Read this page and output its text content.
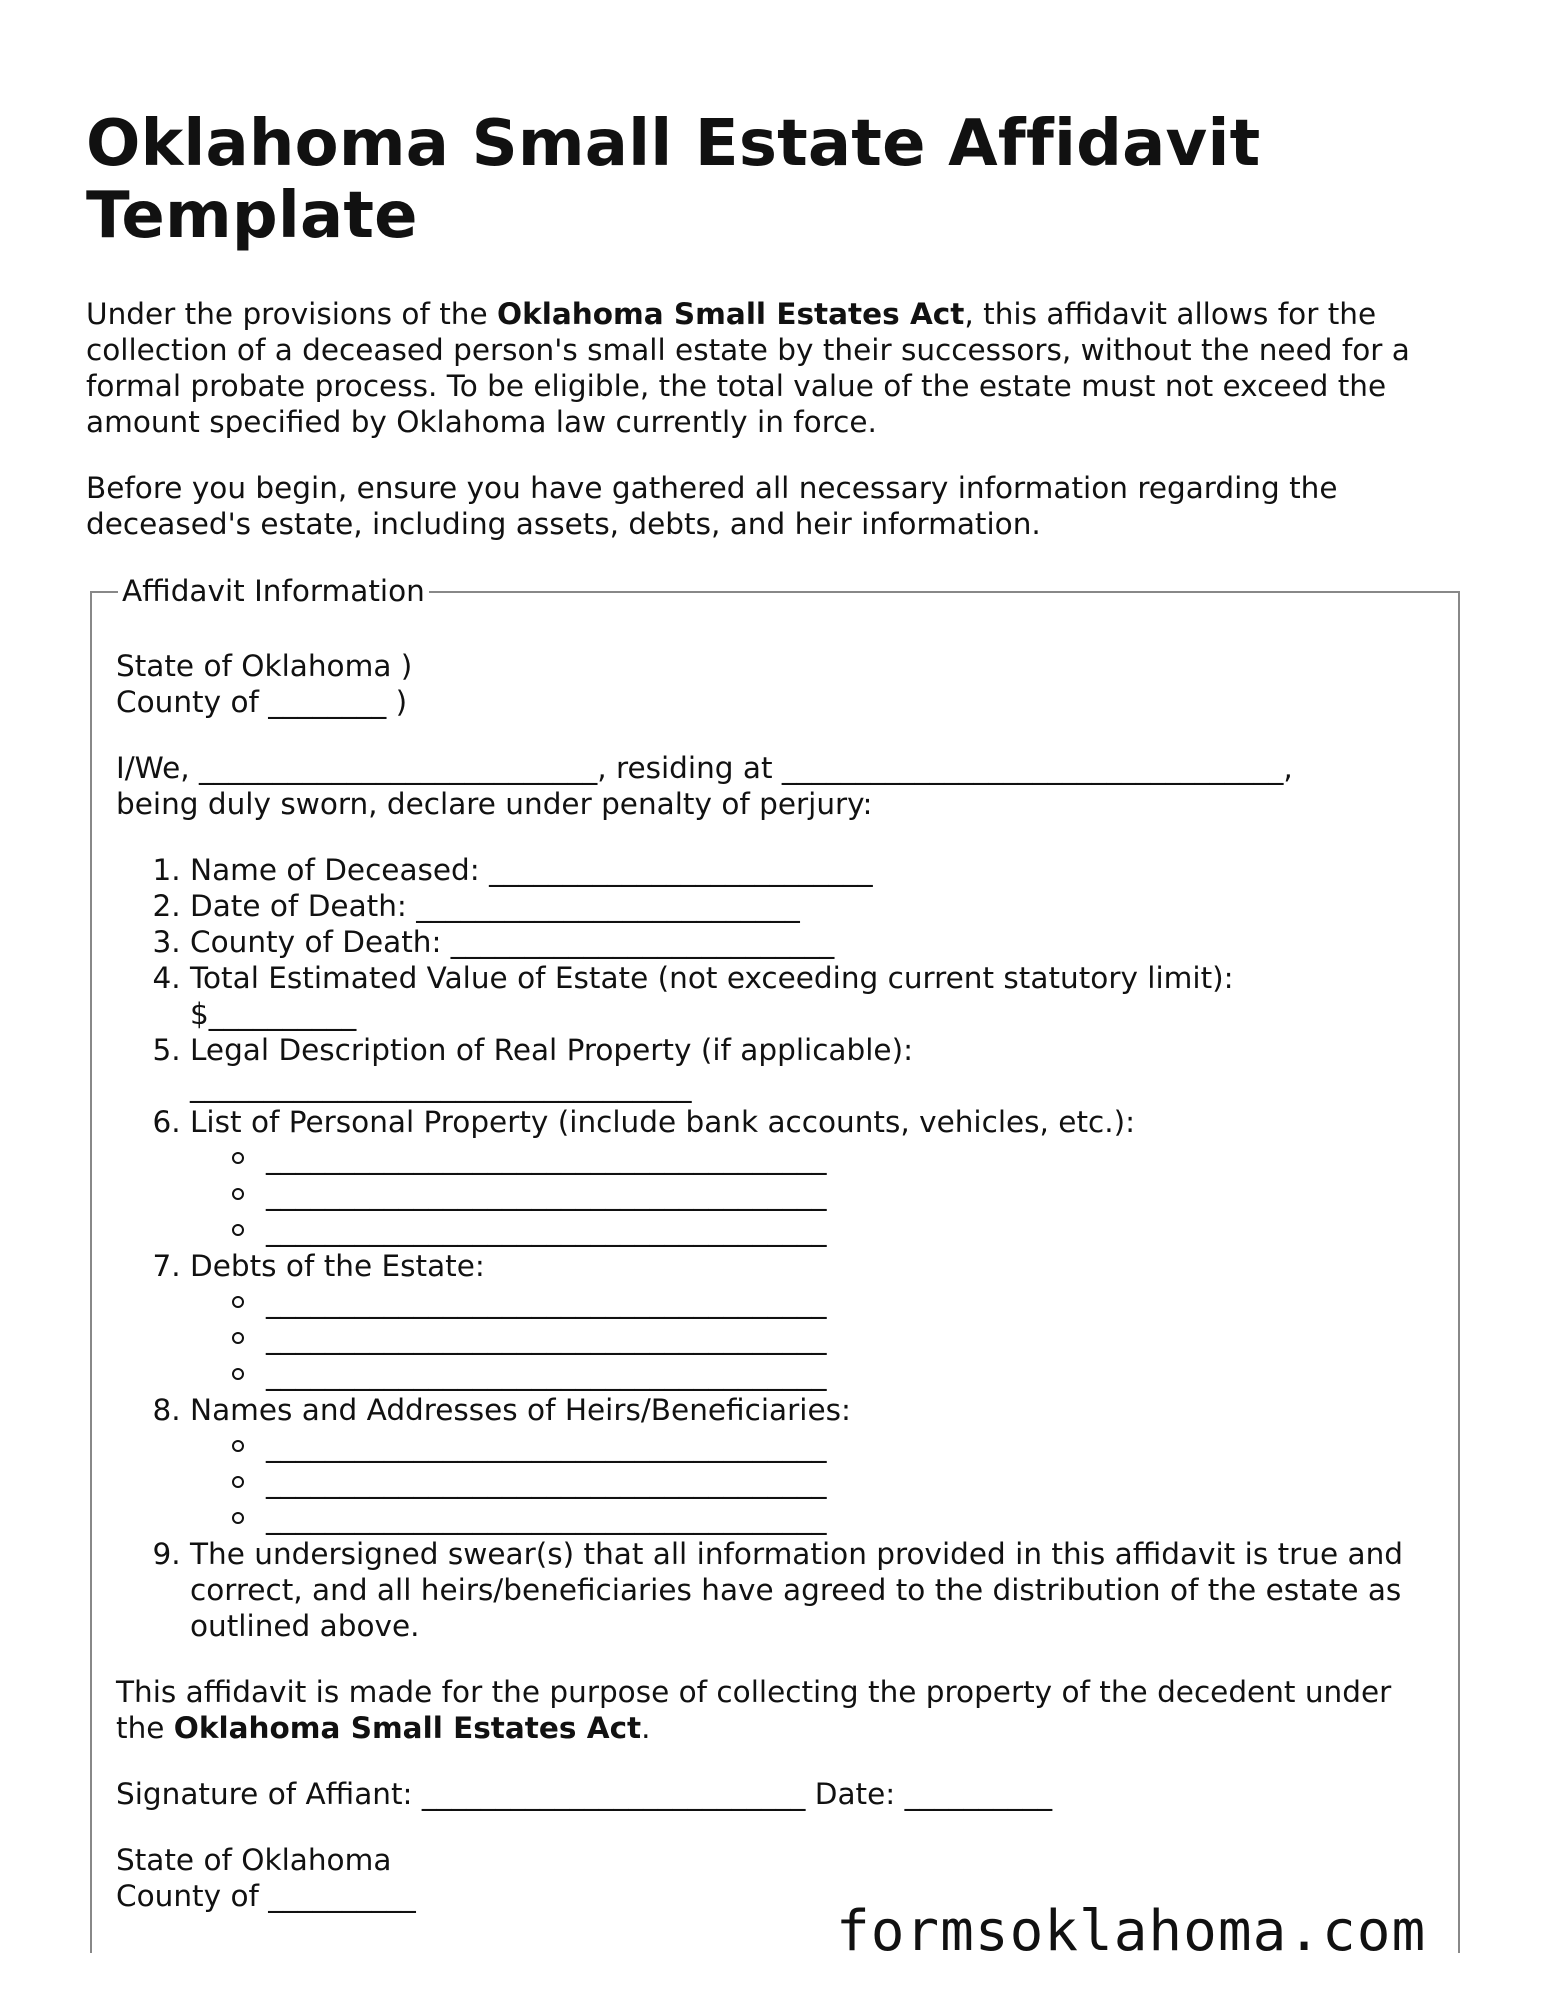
Oklahoma Small Estate Affidavit Template

Under the provisions of the Oklahoma Small Estates Act, this affidavit allows for the collection of a deceased person's small estate by their successors, without the need for a formal probate process. To be eligible, the total value of the estate must not exceed the amount specified by Oklahoma law currently in force.

Before you begin, ensure you have gathered all necessary information regarding the deceased's estate, including assets, debts, and heir information.

Affidavit Information

State of Oklahoma )

County of ________ )

I/We, ___________________________, residing at __________________________________,

being duly sworn, declare under penalty of perjury:

1. Name of Deceased: __________________________
2. Date of Death: __________________________
3. County of Death: __________________________
4. Total Estimated Value of Estate (not exceeding current statutory limit):
$__________
5. Legal Description of Real Property (if applicable):
__________________________________
6. List of Personal Property (include bank accounts, vehicles, etc.):
______________________________________
______________________________________
______________________________________
7. Debts of the Estate:
______________________________________
______________________________________
______________________________________
8. Names and Addresses of Heirs/Beneficiaries:
______________________________________
______________________________________
______________________________________
9. The undersigned swear(s) that all information provided in this affidavit is true and correct, and all heirs/beneficiaries have agreed to the distribution of the estate as outlined above.

This affidavit is made for the purpose of collecting the property of the decedent under the Oklahoma Small Estates Act.

Signature of Affiant: __________________________ Date: __________

State of Oklahoma

County of __________

formsoklahoma.com
